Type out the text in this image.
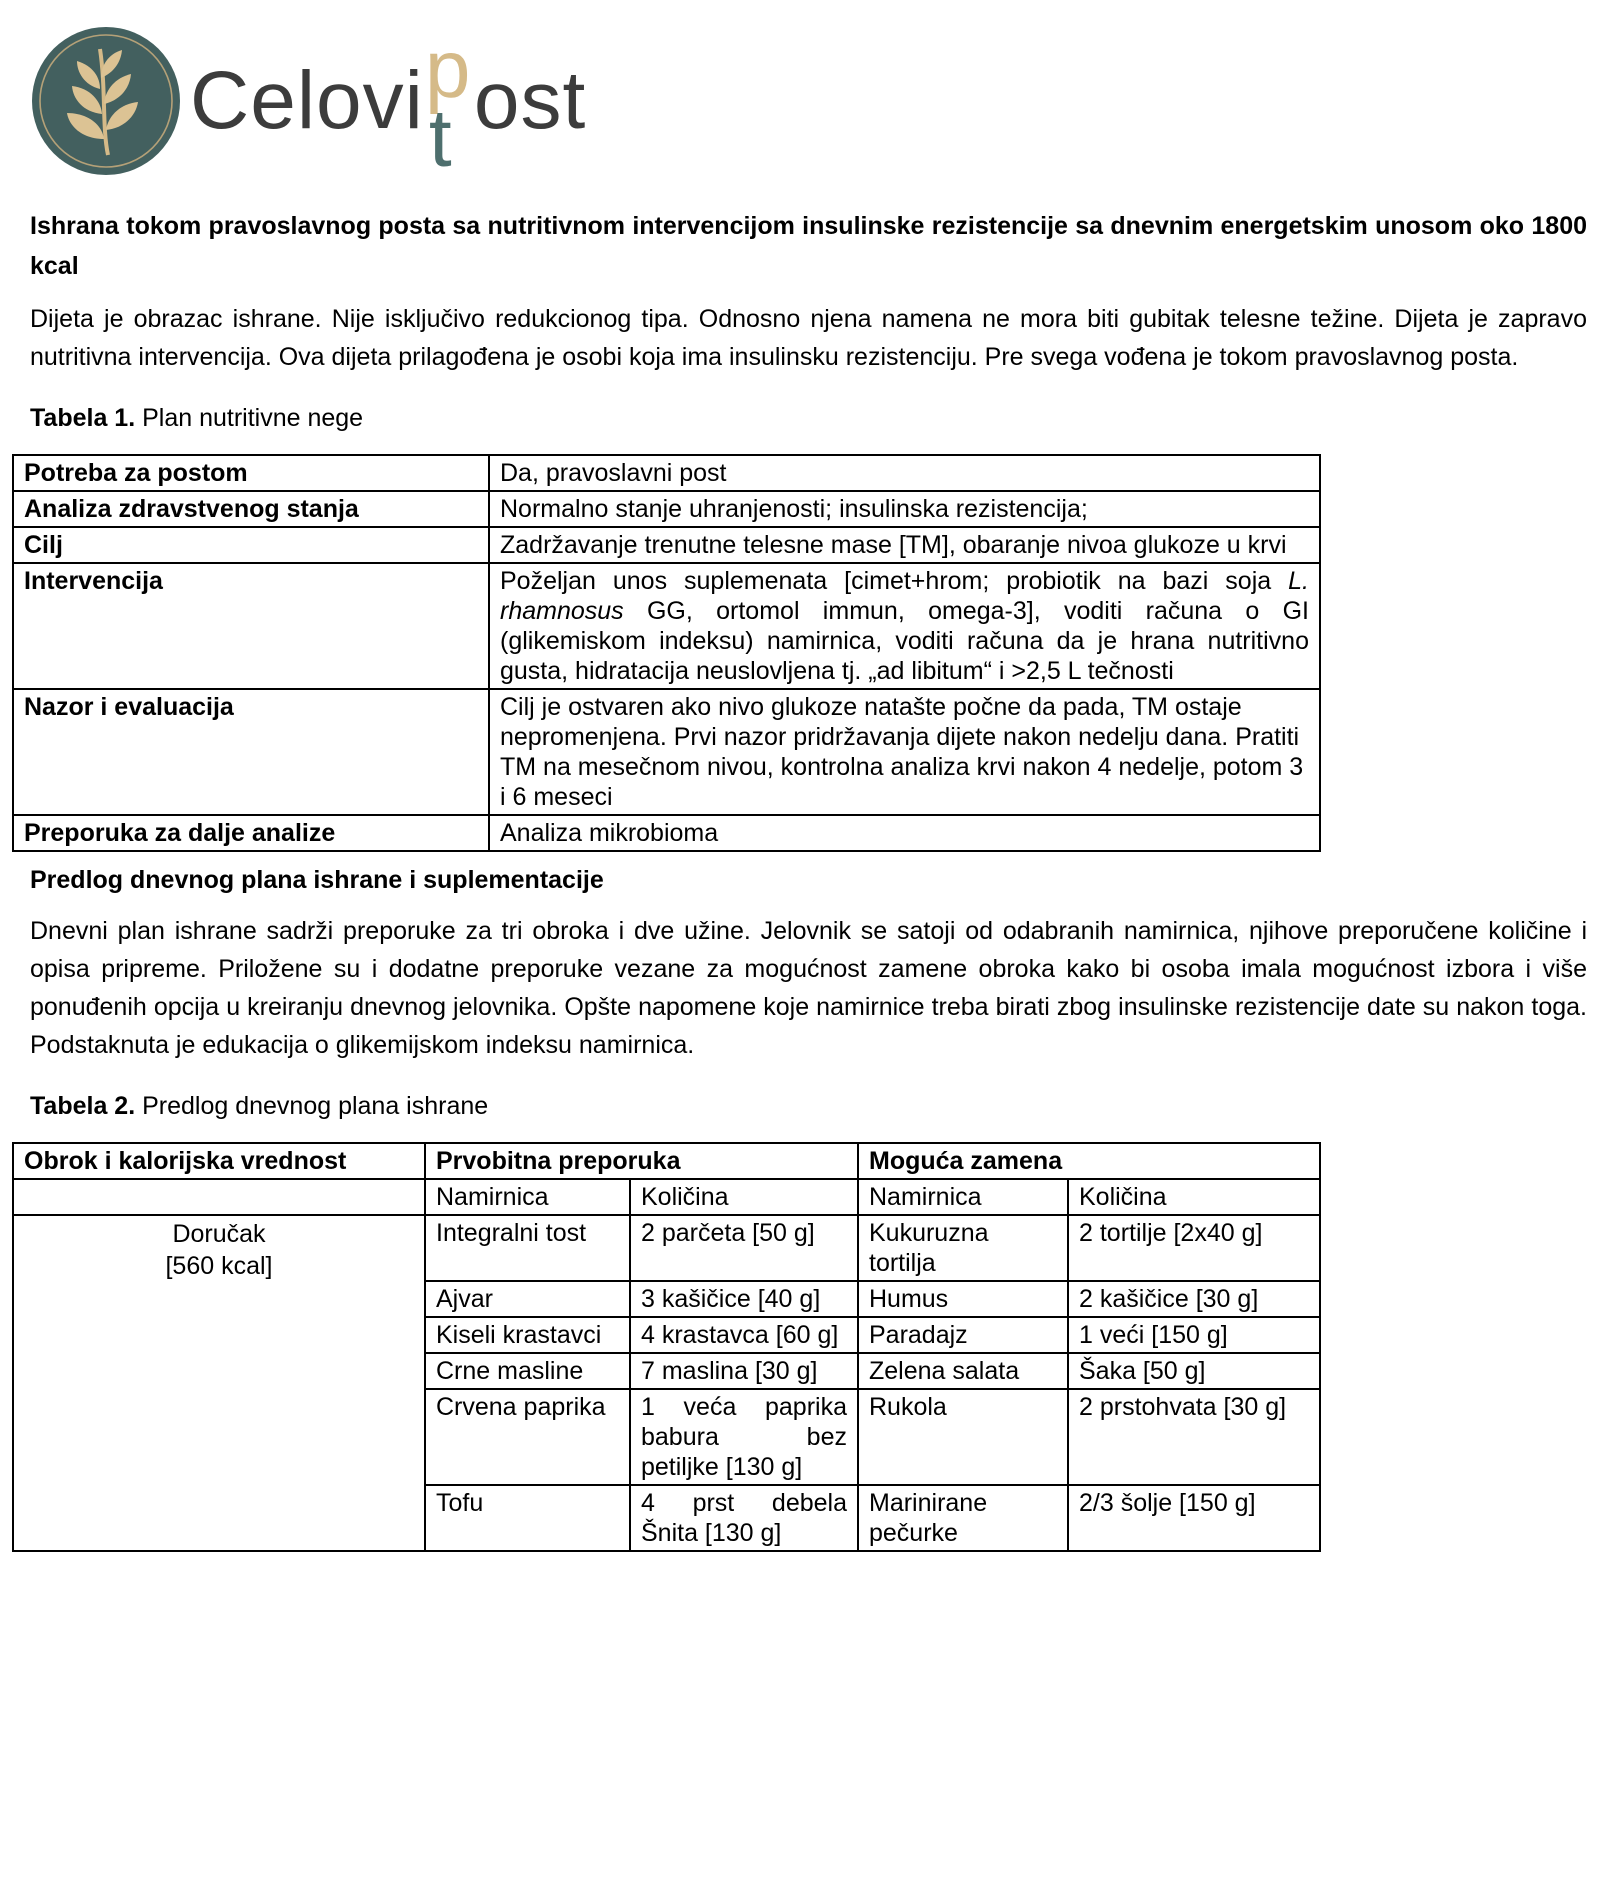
Celovi p
t ost

Ishrana tokom pravoslavnog posta sa nutritivnom intervencijom insulinske rezistencije sa dnevnim energetskim unosom oko 1800 kcal

Dijeta je obrazac ishrane. Nije isključivo redukcionog tipa. Odnosno njena namena ne mora biti gubitak telesne težine. Dijeta je zapravo nutritivna intervencija. Ova dijeta prilagođena je osobi koja ima insulinsku rezistenciju. Pre svega vođena je tokom pravoslavnog posta.

Tabela 1. Plan nutritivne nege

Potreba za postom	Da, pravoslavni post
Analiza zdravstvenog stanja	Normalno stanje uhranjenosti; insulinska rezistencija;
Cilj	Zadržavanje trenutne telesne mase [TM], obaranje nivoa glukoze u krvi
Intervencija	Poželjan unos suplemenata [cimet+hrom; probiotik na bazi soja L. rhamnosus GG, ortomol immun, omega-3], voditi računa o GI (glikemiskom indeksu) namirnica, voditi računa da je hrana nutritivno gusta, hidratacija neuslovljena tj. „ad libitum“ i >2,5 L tečnosti
Nazor i evaluacija	Cilj je ostvaren ako nivo glukoze natašte počne da pada, TM ostaje nepromenjena. Prvi nazor pridržavanja dijete nakon nedelju dana. Pratiti TM na mesečnom nivou, kontrolna analiza krvi nakon 4 nedelje, potom 3 i 6 meseci
Preporuka za dalje analize	Analiza mikrobioma

Predlog dnevnog plana ishrane i suplementacije

Dnevni plan ishrane sadrži preporuke za tri obroka i dve užine. Jelovnik se satoji od odabranih namirnica, njihove preporučene količine i opisa pripreme. Priložene su i dodatne preporuke vezane za mogućnost zamene obroka kako bi osoba imala mogućnost izbora i više ponuđenih opcija u kreiranju dnevnog jelovnika. Opšte napomene koje namirnice treba birati zbog insulinske rezistencije date su nakon toga. Podstaknuta je edukacija o glikemijskom indeksu namirnica.

Tabela 2. Predlog dnevnog plana ishrane

Obrok i kalorijska vrednost	Prvobitna preporuka		Moguća zamena	
	Namirnica	Količina	Namirnica	Količina

Doručak
[560 kcal]	Integralni tost	2 parčeta [50 g]	Kukuruzna tortilja	2 tortilje [2x40 g]
	Ajvar	3 kašičice [40 g]	Humus	2 kašičice [30 g]
	Kiseli krastavci	4 krastavca [60 g]	Paradajz	1 veći [150 g]
	Crne masline	7 maslina [30 g]	Zelena salata	Šaka [50 g]
	Crvena paprika	1 veća paprika babura bez petiljke [130 g]	Rukola	2 prstohvata [30 g]
	Tofu	4 prst debela Šnita [130 g]	Marinirane pečurke	2/3 šolje [150 g]
